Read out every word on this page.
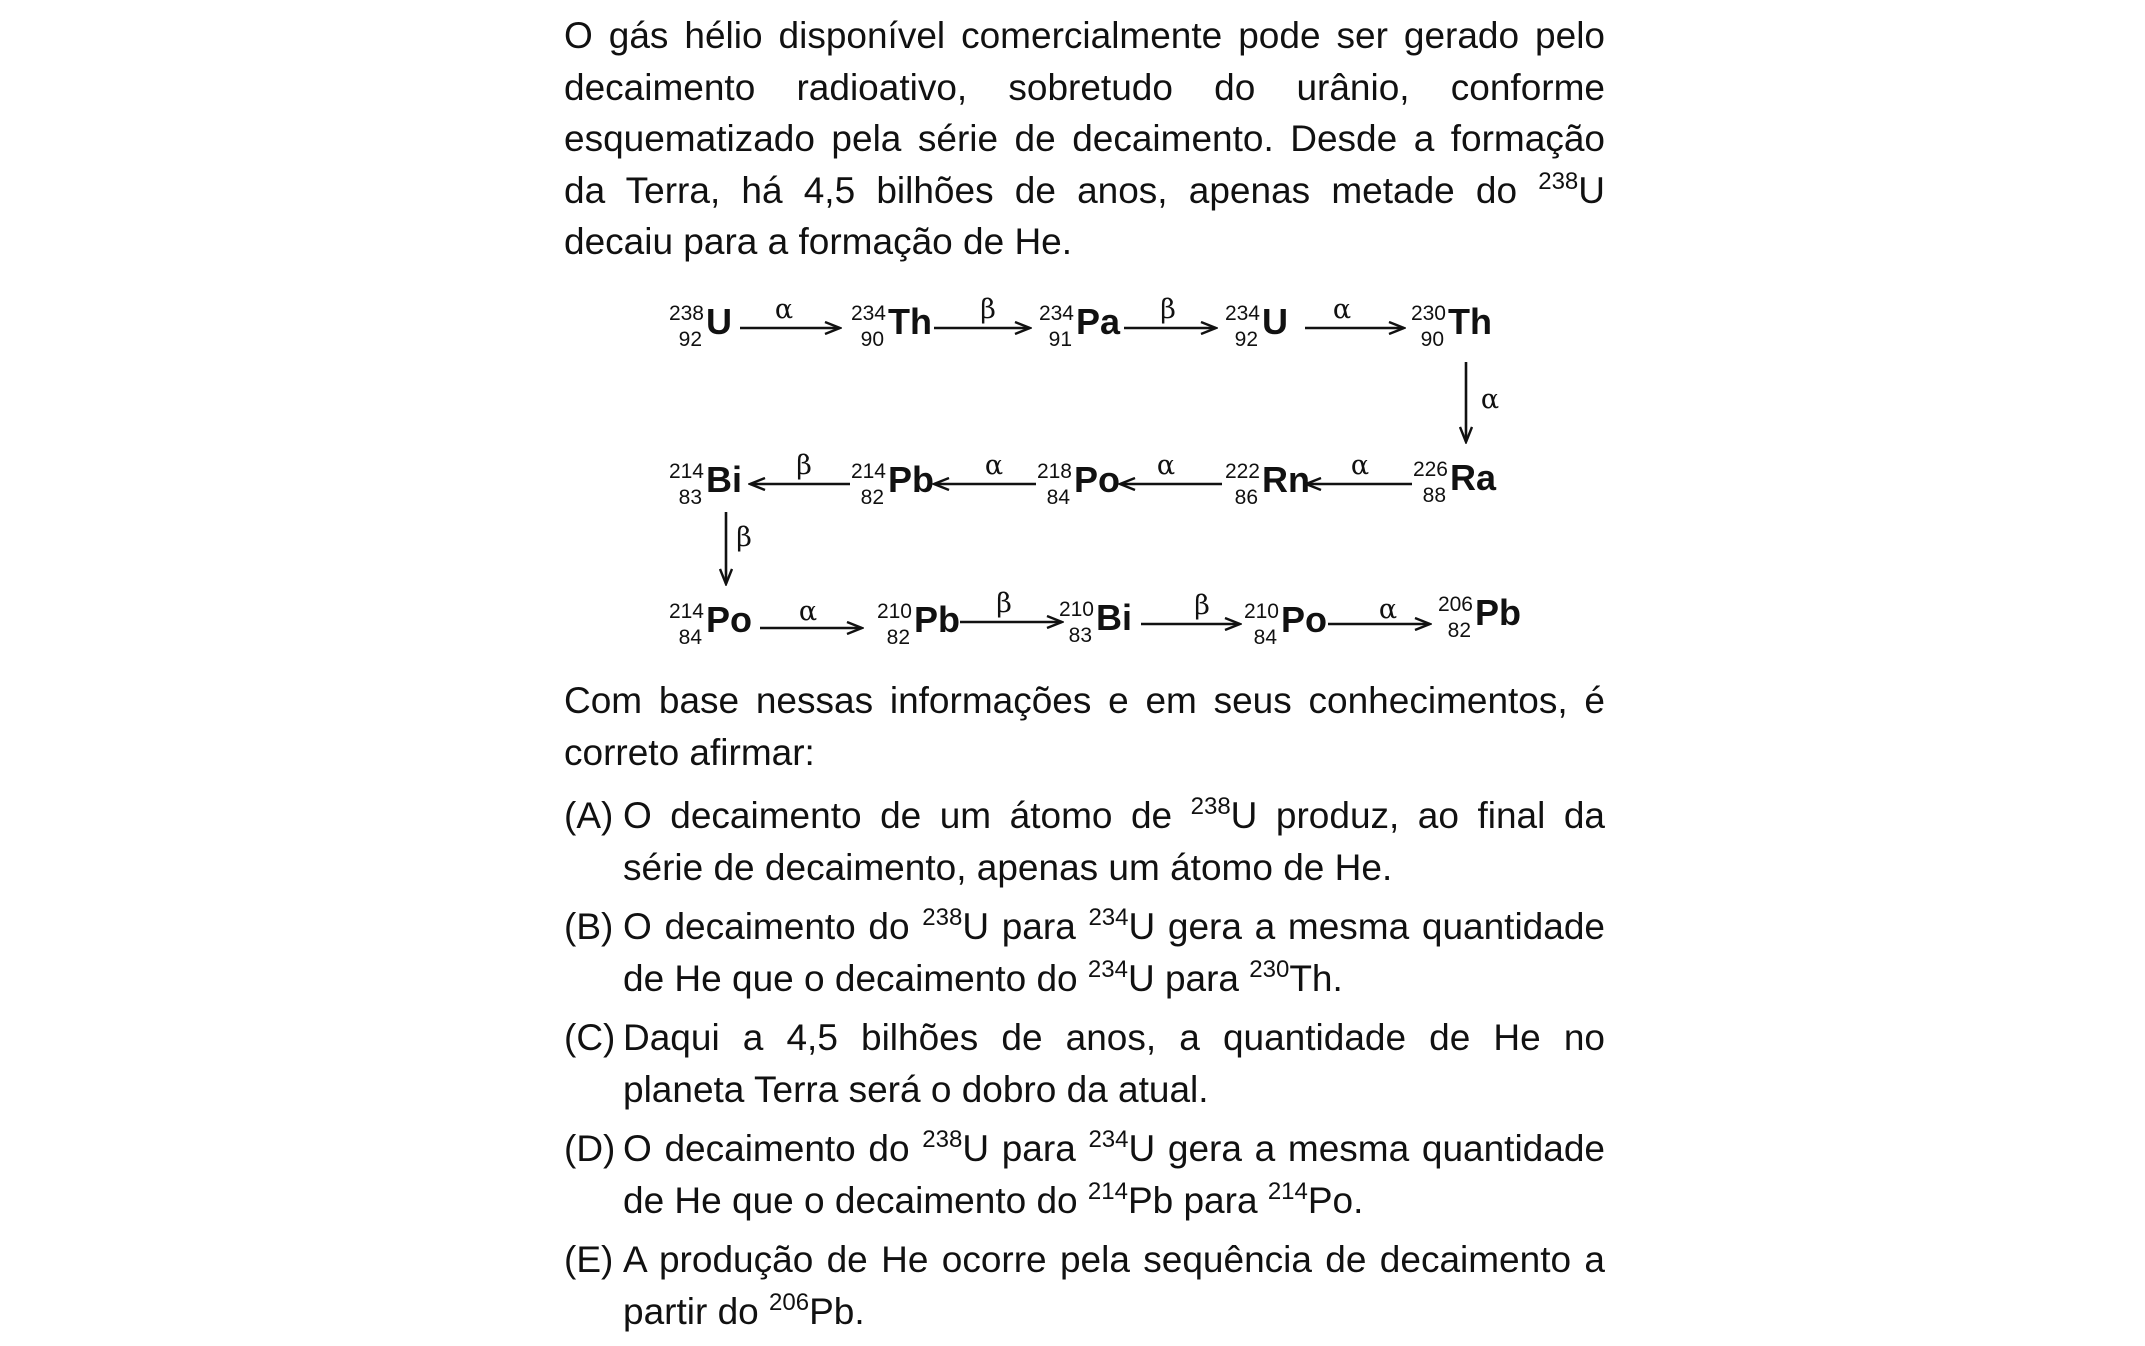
O gás hélio disponível comercialmente pode ser gerado pelo decaimento radioativo, sobretudo do urânio, conforme esquematizado pela série de decaimento. Desde a formação da Terra, há 4,5 bilhões de anos, apenas metade do $^{238}$U decaiu para a formação de He.

238
92 U	234
90 Th	234
91 Pa	234
92 U	230
90 Th
226
88 Ra
222
86 Rn
218
84 Po
214
82 Pb
214
83 Bi
214
84 Po	210
82 Pb	210
83 Bi	210
84 Po	206
82 Pb
α	β	β	α
α
α
α
α
β
β
α	β	β	α

Com base nessas informações e em seus conhecimentos, é correto afirmar:

(A) O decaimento de um átomo de $^{238}$U produz, ao final da série de decaimento, apenas um átomo de He.
(B) O decaimento do $^{238}$U para $^{234}$U gera a mesma quantidade de He que o decaimento do $^{234}$U para $^{230}$Th.
(C) Daqui a 4,5 bilhões de anos, a quantidade de He no planeta Terra será o dobro da atual.
(D) O decaimento do $^{238}$U para $^{234}$U gera a mesma quantidade de He que o decaimento do $^{214}$Pb para $^{214}$Po.
(E) A produção de He ocorre pela sequência de decaimento a partir do $^{206}$Pb.
